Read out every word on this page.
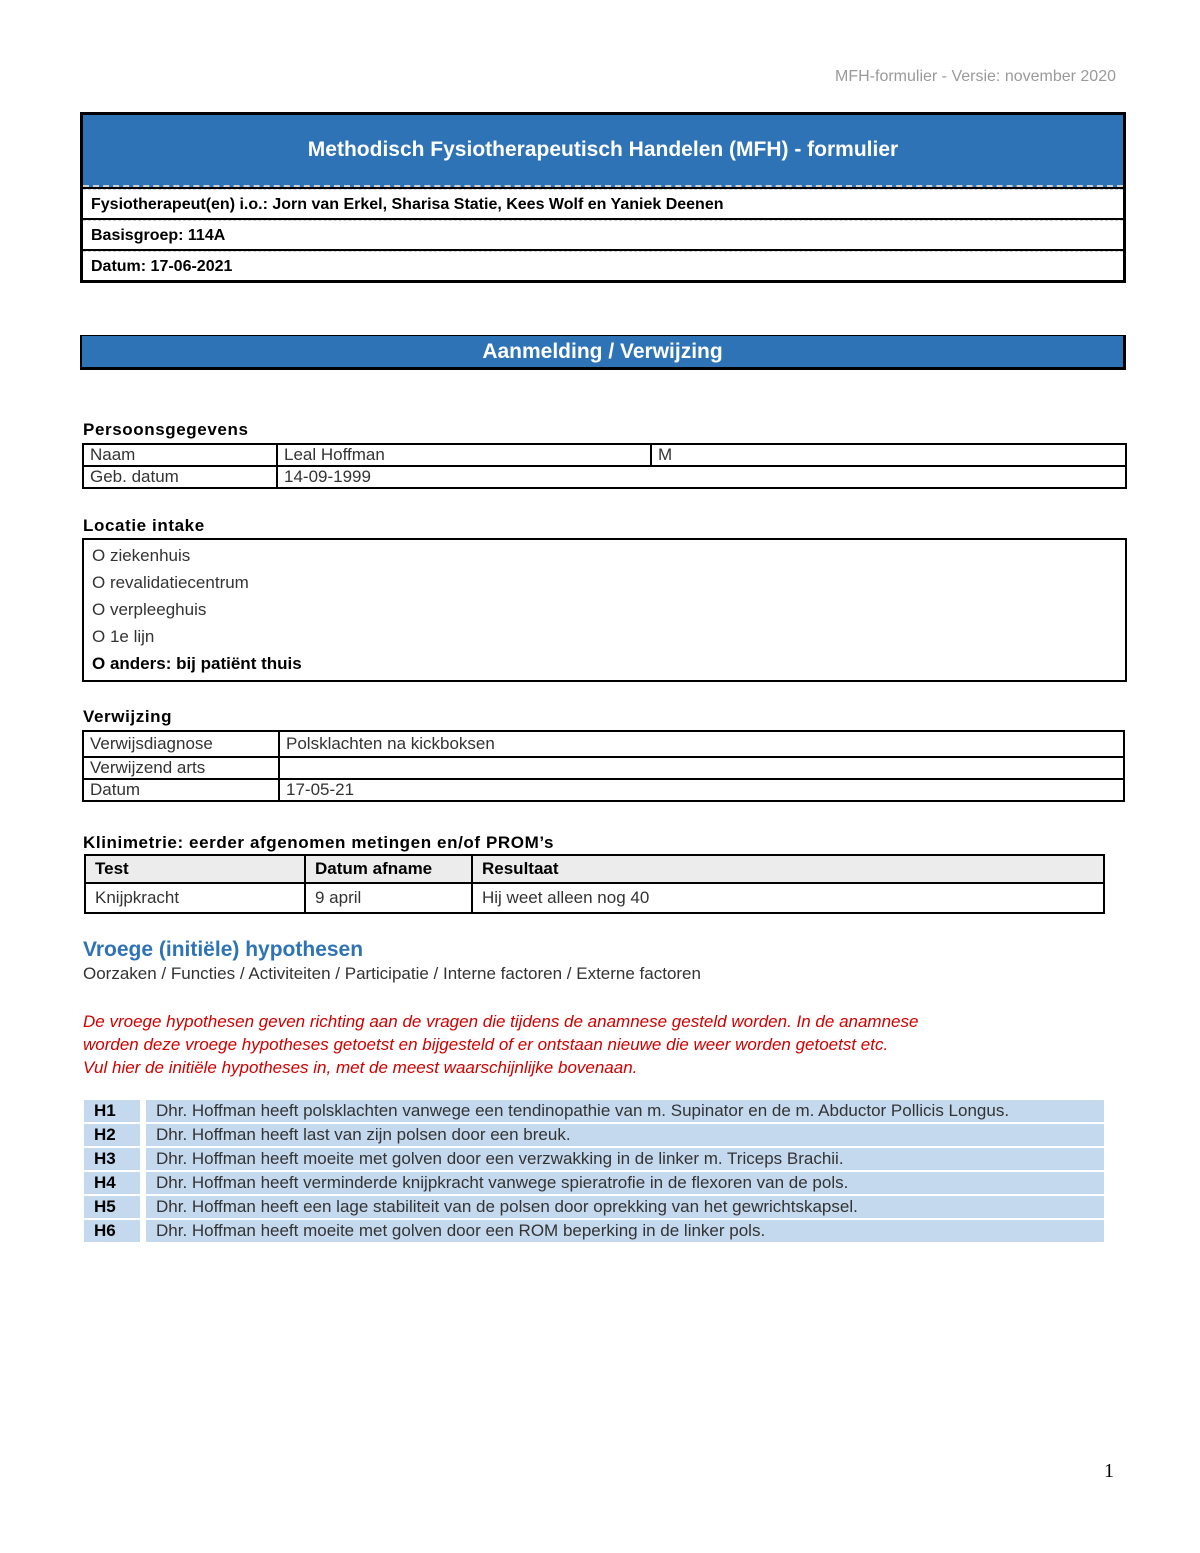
MFH-formulier - Versie: november 2020
Methodisch Fysiotherapeutisch Handelen (MFH) - formulier
Fysiotherapeut(en) i.o.: Jorn van Erkel, Sharisa Statie, Kees Wolf en Yaniek Deenen
Basisgroep: 114A
Datum: 17-06-2021
Aanmelding / Verwijzing
Persoonsgegevens
Naam	Leal Hoffman	M
Geb. datum	14-09-1999	
Locatie intake
O ziekenhuis
O revalidatiecentrum
O verpleeghuis
O 1e lijn
O anders: bij patiënt thuis
Verwijzing
Verwijsdiagnose	Polsklachten na kickboksen
Verwijzend arts	
Datum	17-05-21
Klinimetrie: eerder afgenomen metingen en/of PROM’s
Test	Datum afname	Resultaat
Knijpkracht	9 april	Hij weet alleen nog 40
Vroege (initiële) hypothesen
Oorzaken / Functies / Activiteiten / Participatie / Interne factoren / Externe factoren
De vroege hypothesen geven richting aan de vragen die tijdens de anamnese gesteld worden. In de anamnese
worden deze vroege hypotheses getoetst en bijgesteld of er ontstaan nieuwe die weer worden getoetst etc.
Vul hier de initiële hypotheses in, met de meest waarschijnlijke bovenaan.
H1	Dhr. Hoffman heeft polsklachten vanwege een tendinopathie van m. Supinator en de m. Abductor Pollicis Longus.
H2	Dhr. Hoffman heeft last van zijn polsen door een breuk.
H3	Dhr. Hoffman heeft moeite met golven door een verzwakking in de linker m. Triceps Brachii.
H4	Dhr. Hoffman heeft verminderde knijpkracht vanwege spieratrofie in de flexoren van de pols.
H5	Dhr. Hoffman heeft een lage stabiliteit van de polsen door oprekking van het gewrichtskapsel.
H6	Dhr. Hoffman heeft moeite met golven door een ROM beperking in de linker pols.
1
